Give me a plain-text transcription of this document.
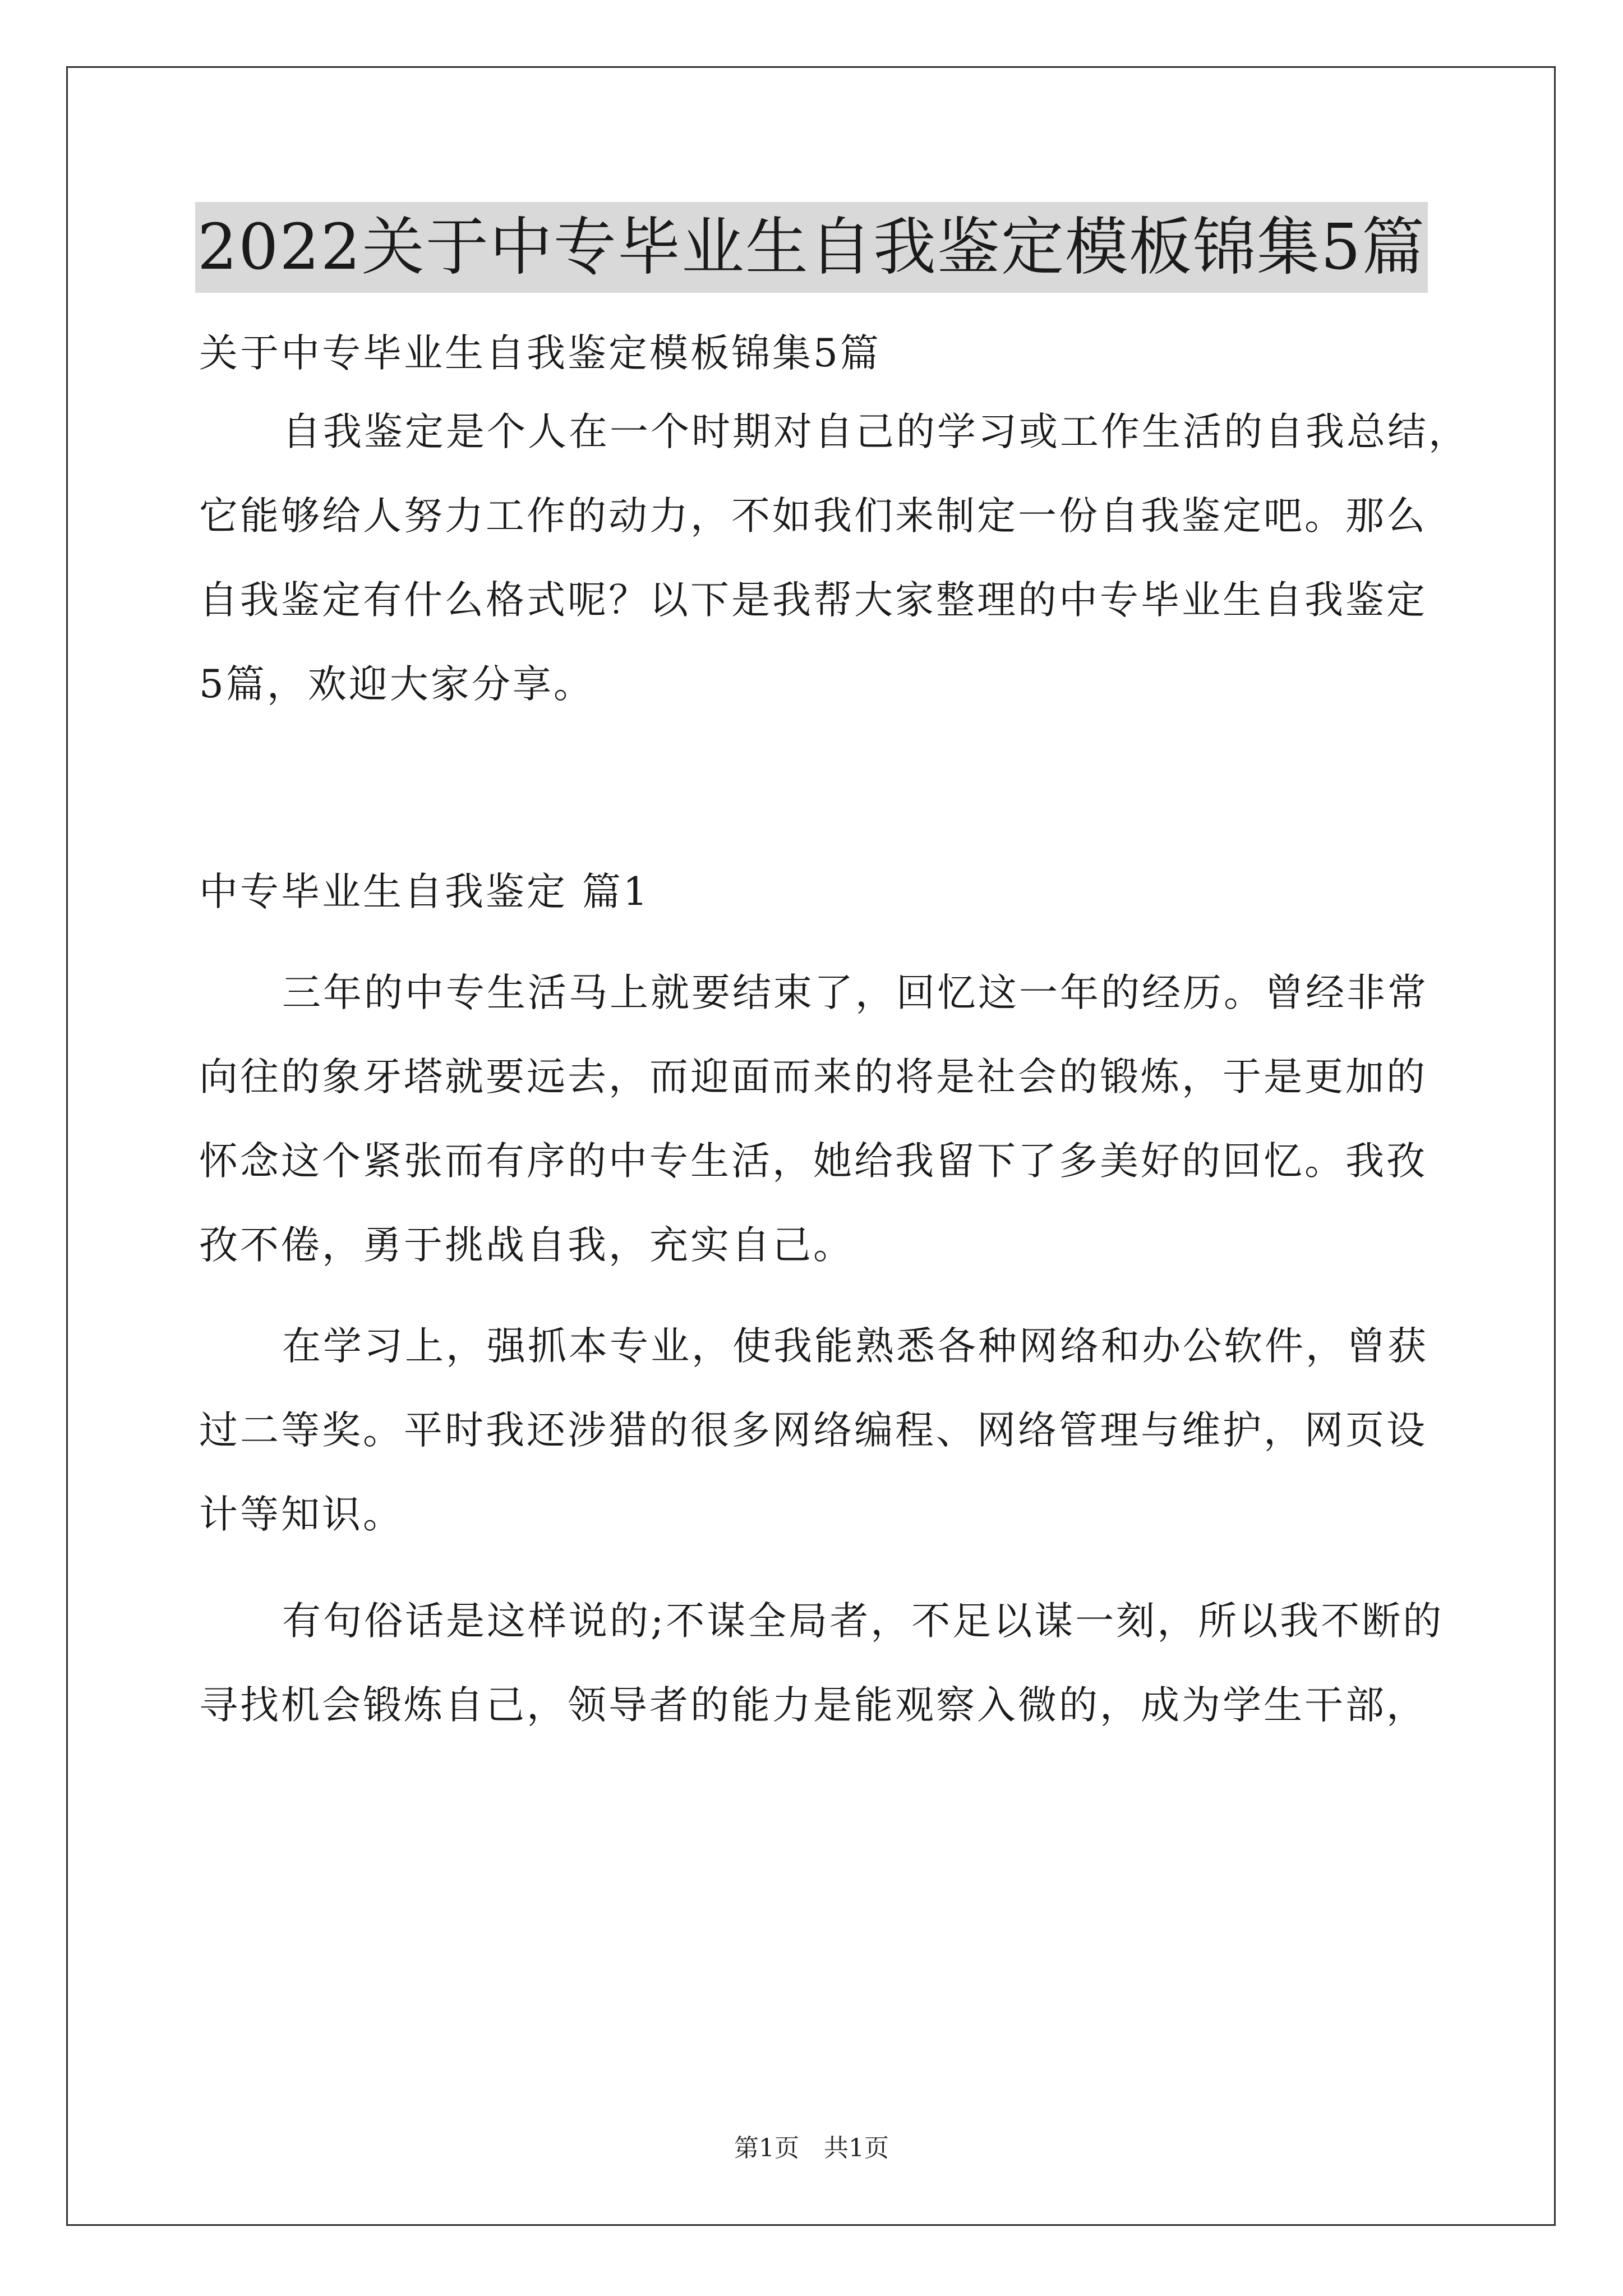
2022关于中专毕业生自我鉴定模板锦集5篇
关于中专毕业生自我鉴定模板锦集5篇
自我鉴定是个人在一个时期对自己的学习或工作生活的自我总结，
它能够给人努力工作的动力，不如我们来制定一份自我鉴定吧。那么
自我鉴定有什么格式呢？以下是我帮大家整理的中专毕业生自我鉴定
5篇，欢迎大家分享。
中专毕业生自我鉴定 篇1
三年的中专生活马上就要结束了，回忆这一年的经历。曾经非常
向往的象牙塔就要远去，而迎面而来的将是社会的锻炼，于是更加的
怀念这个紧张而有序的中专生活，她给我留下了多美好的回忆。我孜
孜不倦，勇于挑战自我，充实自己。
在学习上，强抓本专业，使我能熟悉各种网络和办公软件，曾获
过二等奖。平时我还涉猎的很多网络编程、网络管理与维护，网页设
计等知识。
有句俗话是这样说的;不谋全局者，不足以谋一刻，所以我不断的
寻找机会锻炼自己，领导者的能力是能观察入微的，成为学生干部，
第1页　共1页
